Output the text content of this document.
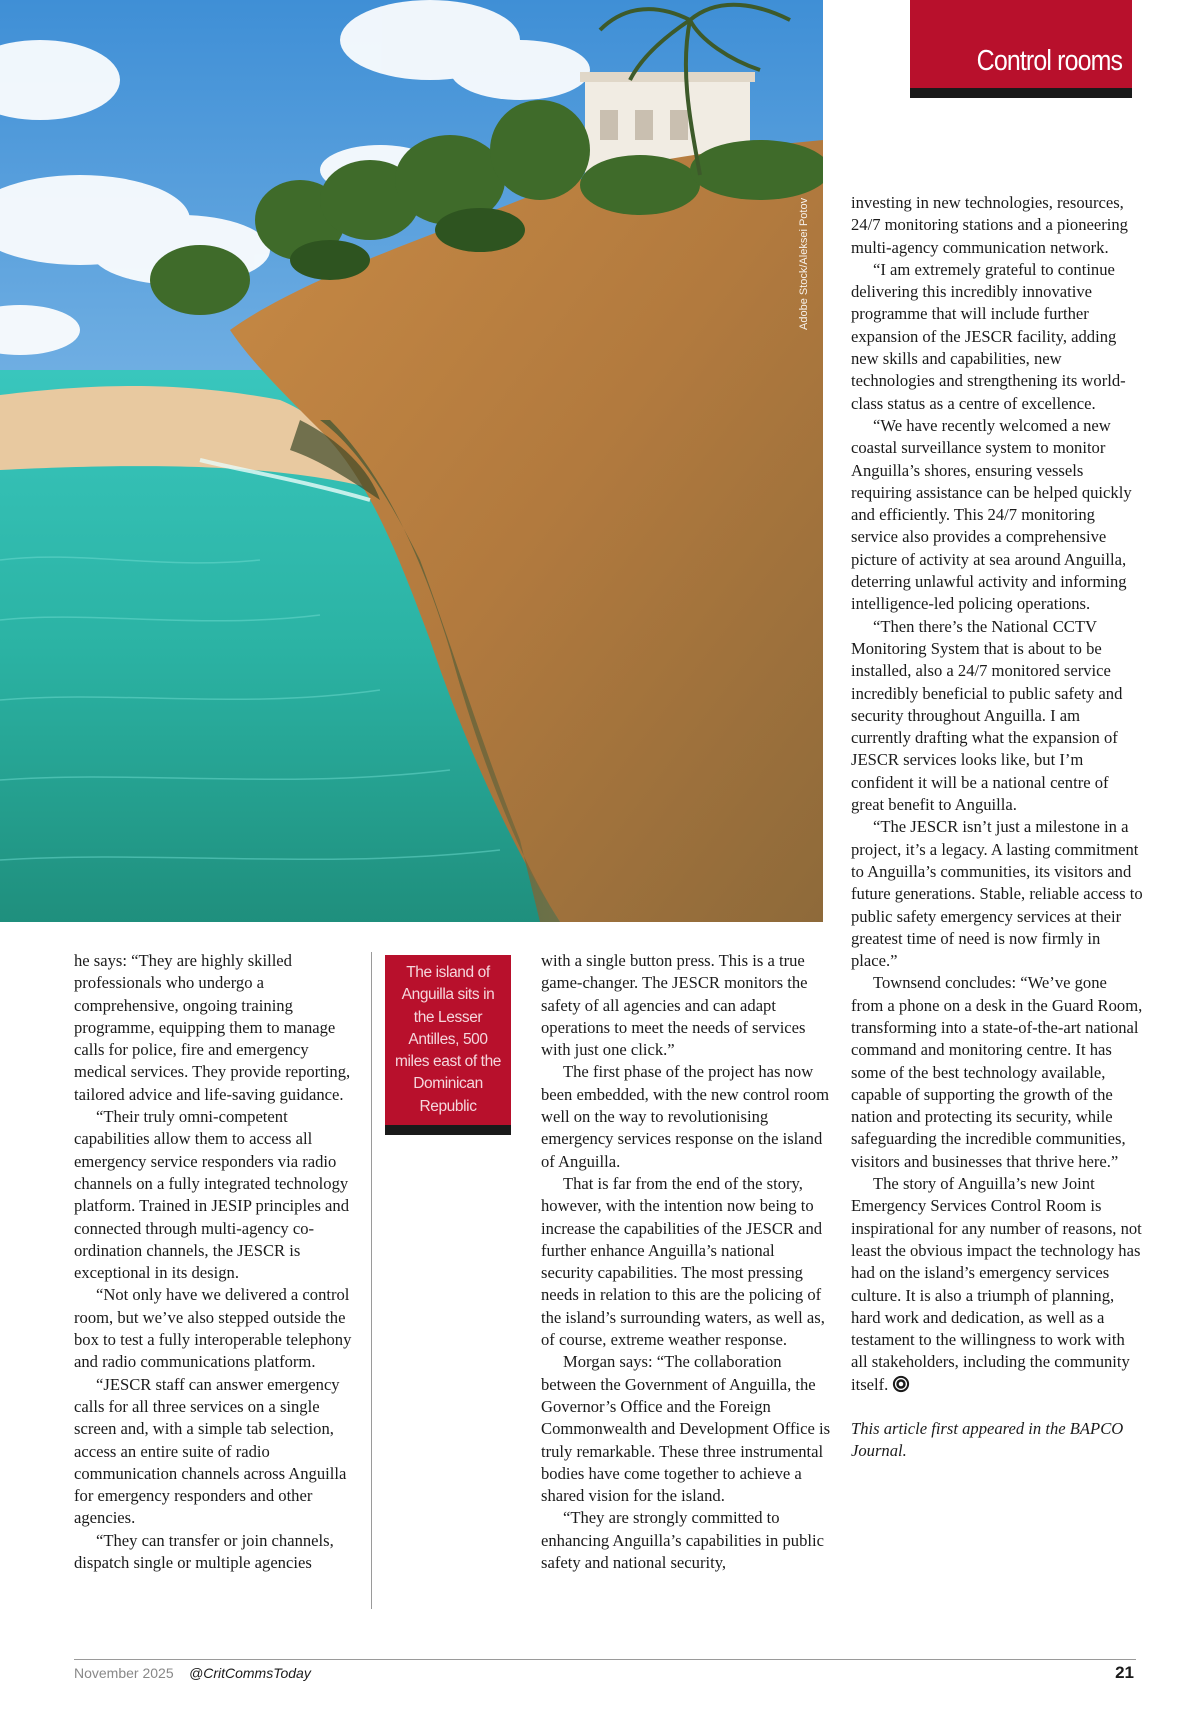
Adobe Stock/Aleksei Potov
Control rooms

he says: “They are highly skilled professionals who undergo a comprehensive, ongoing training programme, equipping them to manage calls for police, fire and emergency medical services. They provide reporting, tailored advice and life-saving guidance.

“Their truly omni-competent capabilities allow them to access all emergency service responders via radio channels on a fully integrated technology platform. Trained in JESIP principles and connected through multi-agency co-ordination channels, the JESCR is exceptional in its design.

“Not only have we delivered a control room, but we’ve also stepped outside the box to test a fully interoperable telephony and radio communications platform.

“JESCR staff can answer emergency calls for all three services on a single screen and, with a simple tab selection, access an entire suite of radio communication channels across Anguilla for emergency responders and other agencies.

“They can transfer or join channels, dispatch single or multiple agencies

The island of Anguilla sits in the Lesser Antilles, 500 miles east of the Dominican Republic

with a single button press. This is a true game-changer. The JESCR monitors the safety of all agencies and can adapt operations to meet the needs of services with just one click.”

The first phase of the project has now been embedded, with the new control room well on the way to revolutionising emergency services response on the island of Anguilla.

That is far from the end of the story, however, with the intention now being to increase the capabilities of the JESCR and further enhance Anguilla’s national security capabilities. The most pressing needs in relation to this are the policing of the island’s surrounding waters, as well as, of course, extreme weather response.

Morgan says: “The collaboration between the Government of Anguilla, the Governor’s Office and the Foreign Commonwealth and Development Office is truly remarkable. These three instrumental bodies have come together to achieve a shared vision for the island.

“They are strongly committed to enhancing Anguilla’s capabilities in public safety and national security,

investing in new technologies, resources, 24/7 monitoring stations and a pioneering multi-agency communication network.

“I am extremely grateful to continue delivering this incredibly innovative programme that will include further expansion of the JESCR facility, adding new skills and capabilities, new technologies and strengthening its world-class status as a centre of excellence.

“We have recently welcomed a new coastal surveillance system to monitor Anguilla’s shores, ensuring vessels requiring assistance can be helped quickly and efficiently. This 24/7 monitoring service also provides a comprehensive picture of activity at sea around Anguilla, deterring unlawful activity and informing intelligence-led policing operations.

“Then there’s the National CCTV Monitoring System that is about to be installed, also a 24/7 monitored service incredibly beneficial to public safety and security throughout Anguilla. I am currently drafting what the expansion of JESCR services looks like, but I’m confident it will be a national centre of great benefit to Anguilla.

“The JESCR isn’t just a milestone in a project, it’s a legacy. A lasting commitment to Anguilla’s communities, its visitors and future generations. Stable, reliable access to public safety emergency services at their greatest time of need is now firmly in place.”

Townsend concludes: “We’ve gone from a phone on a desk in the Guard Room, transforming into a state-of-the-art national command and monitoring centre. It has some of the best technology available, capable of supporting the growth of the nation and protecting its security, while safeguarding the incredible communities, visitors and businesses that thrive here.”

The story of Anguilla’s new Joint Emergency Services Control Room is inspirational for any number of reasons, not least the obvious impact the technology has had on the island’s emergency services culture. It is also a triumph of planning, hard work and dedication, as well as a testament to the willingness to work with all stakeholders, including the community itself.

This article first appeared in the BAPCO Journal.

November 2025 @CritCommsToday	21
